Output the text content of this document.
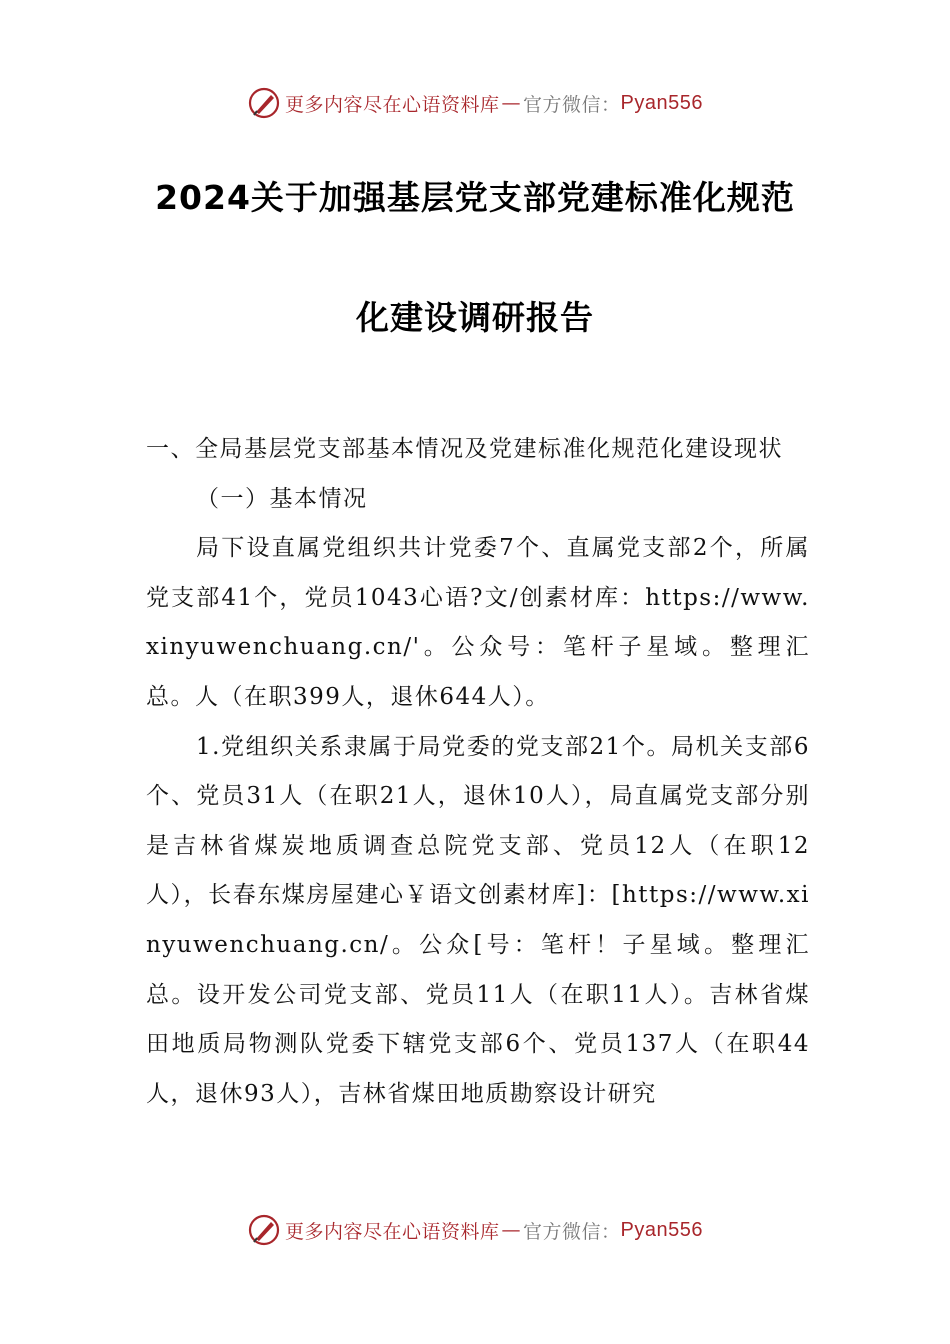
更多内容尽在心语资料库 — 官方微信： Pyan556
2024关于加强基层党支部党建标准化规范
化建设调研报告

一、全局基层党支部基本情况及党建标准化规范化建设现状

（一）基本情况

局下设直属党组织共计党委7个、直属党支部2个，所属党支部41个，党员1043心语?文/创素材库：https://www.xinyuwenchuang.cn/'。公众号：笔杆子星域。整理汇总。人（在职399人，退休644人）。

1.党组织关系隶属于局党委的党支部21个。局机关支部6个、党员31人（在职21人，退休10人），局直属党支部分别是吉林省煤炭地质调查总院党支部、党员12人（在职12人），长春东煤房屋建心￥语文创素材库]：[https://www.xinyuwenchuang.cn/。公众[号：笔杆！子星域。整理汇总。设开发公司党支部、党员11人（在职11人）。吉林省煤田地质局物测队党委下辖党支部6个、党员137人（在职44人，退休93人），吉林省煤田地质勘察设计研究

更多内容尽在心语资料库 — 官方微信： Pyan556
